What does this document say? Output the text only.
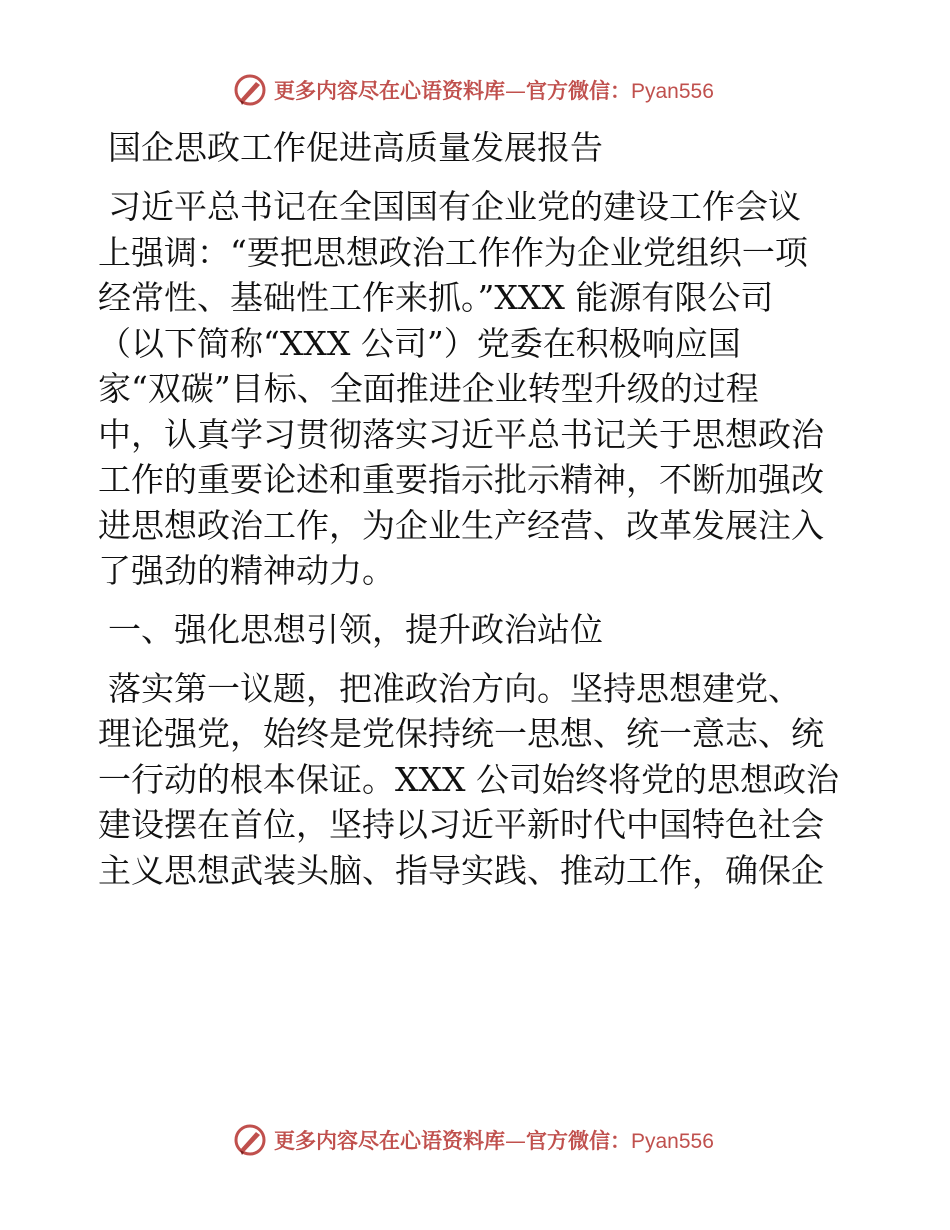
更多内容尽在心语资料库—官方微信：Pyan556
国企思政工作促进高质量发展报告
习近平总书记在全国国有企业党的建设工作会议
上强调：“要把思想政治工作作为企业党组织一项
经常性、基础性工作来抓。”XXX 能源有限公司
（以下简称“XXX 公司”）党委在积极响应国
家“双碳”目标、全面推进企业转型升级的过程
中，认真学习贯彻落实习近平总书记关于思想政治
工作的重要论述和重要指示批示精神，不断加强改
进思想政治工作，为企业生产经营、改革发展注入
了强劲的精神动力。
一、强化思想引领，提升政治站位
落实第一议题，把准政治方向。坚持思想建党、
理论强党，始终是党保持统一思想、统一意志、统
一行动的根本保证。XXX 公司始终将党的思想政治
建设摆在首位，坚持以习近平新时代中国特色社会
主义思想武装头脑、指导实践、推动工作，确保企
更多内容尽在心语资料库—官方微信：Pyan556
